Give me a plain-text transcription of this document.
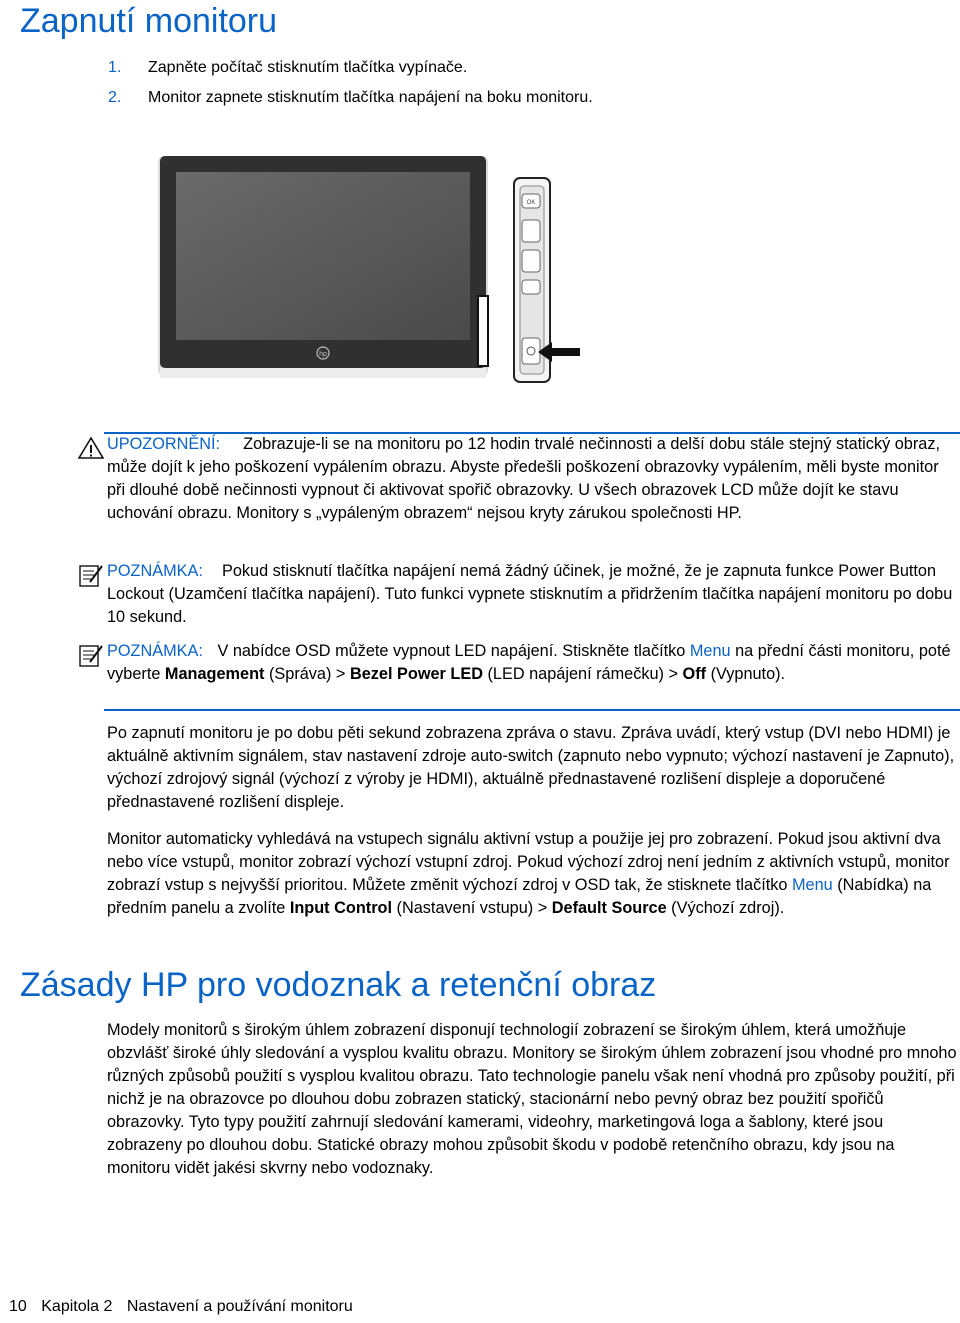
Zapnutí monitoru
1.	Zapněte počítač stisknutím tlačítka vypínače.
2.	Monitor zapnete stisknutím tlačítka napájení na boku monitoru.
hp
OK
UPOZORNĚNÍ: Zobrazuje-li se na monitoru po 12 hodin trvalé nečinnosti a delší dobu stále stejný statický obraz, může dojít k jeho poškození vypálením obrazu. Abyste předešli poškození obrazovky vypálením, měli byste monitor při dlouhé době nečinnosti vypnout či aktivovat spořič obrazovky. U všech obrazovek LCD může dojít ke stavu uchování obrazu. Monitory s „vypáleným obrazem“ nejsou kryty zárukou společnosti HP.
POZNÁMKA: Pokud stisknutí tlačítka napájení nemá žádný účinek, je možné, že je zapnuta funkce Power Button Lockout (Uzamčení tlačítka napájení). Tuto funkci vypnete stisknutím a přidržením tlačítka napájení monitoru po dobu 10 sekund.
POZNÁMKA: V nabídce OSD můžete vypnout LED napájení. Stiskněte tlačítko Menu na přední části monitoru, poté vyberte Management (Správa) > Bezel Power LED (LED napájení rámečku) > Off (Vypnuto).
Po zapnutí monitoru je po dobu pěti sekund zobrazena zpráva o stavu. Zpráva uvádí, který vstup (DVI nebo HDMI) je aktuálně aktivním signálem, stav nastavení zdroje auto-switch (zapnuto nebo vypnuto; výchozí nastavení je Zapnuto), výchozí zdrojový signál (výchozí z výroby je HDMI), aktuálně přednastavené rozlišení displeje a doporučené přednastavené rozlišení displeje.
Monitor automaticky vyhledává na vstupech signálu aktivní vstup a použije jej pro zobrazení. Pokud jsou aktivní dva nebo více vstupů, monitor zobrazí výchozí vstupní zdroj. Pokud výchozí zdroj není jedním z aktivních vstupů, monitor zobrazí vstup s nejvyšší prioritou. Můžete změnit výchozí zdroj v OSD tak, že stisknete tlačítko Menu (Nabídka) na předním panelu a zvolíte Input Control (Nastavení vstupu) > Default Source (Výchozí zdroj).
Zásady HP pro vodoznak a retenční obraz
Modely monitorů s širokým úhlem zobrazení disponují technologií zobrazení se širokým úhlem, která umožňuje obzvlášť široké úhly sledování a vysplou kvalitu obrazu. Monitory se širokým úhlem zobrazení jsou vhodné pro mnoho různých způsobů použití s vysplou kvalitou obrazu. Tato technologie panelu však není vhodná pro způsoby použití, při nichž je na obrazovce po dlouhou dobu zobrazen statický, stacionární nebo pevný obraz bez použití spořičů obrazovky. Tyto typy použití zahrnují sledování kamerami, videohry, marketingová loga a šablony, které jsou zobrazeny po dlouhou dobu. Statické obrazy mohou způsobit škodu v podobě retenčního obrazu, kdy jsou na monitoru vidět jakési skvrny nebo vodoznaky.
10 Kapitola 2 Nastavení a používání monitoru
